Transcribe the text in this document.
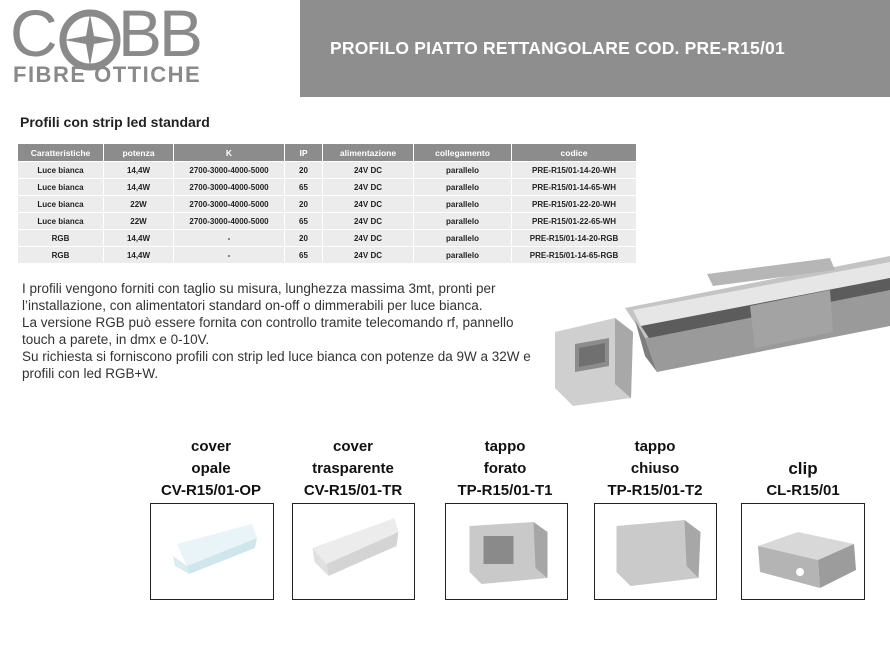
C BB
FIBRE OTTICHE
PROFILO PIATTO RETTANGOLARE COD. PRE-R15/01
Profili con strip led standard
Caratteristiche	potenza	K	IP	alimentazione	collegamento	codice
Luce bianca	14,4W	2700-3000-4000-5000	20	24V DC	parallelo	PRE-R15/01-14-20-WH
Luce bianca	14,4W	2700-3000-4000-5000	65	24V DC	parallelo	PRE-R15/01-14-65-WH
Luce bianca	22W	2700-3000-4000-5000	20	24V DC	parallelo	PRE-R15/01-22-20-WH
Luce bianca	22W	2700-3000-4000-5000	65	24V DC	parallelo	PRE-R15/01-22-65-WH
RGB	14,4W	-	20	24V DC	parallelo	PRE-R15/01-14-20-RGB
RGB	14,4W	-	65	24V DC	parallelo	PRE-R15/01-14-65-RGB

I profili vengono forniti con taglio su misura, lunghezza massima 3mt, pronti per l’installazione, con alimentatori standard on-off o dimmerabili per luce bianca.

La versione RGB può essere fornita con controllo tramite telecomando rf, pannello touch a parete, in dmx e 0-10V.

Su richiesta si forniscono profili con strip led luce bianca con potenze da 9W a 32W e profili con led RGB+W.

cover
opale
CV-R15/01-OP
cover
trasparente
CV-R15/01-TR
tappo
forato
TP-R15/01-T1
tappo
chiuso
TP-R15/01-T2

clip
CL-R15/01
